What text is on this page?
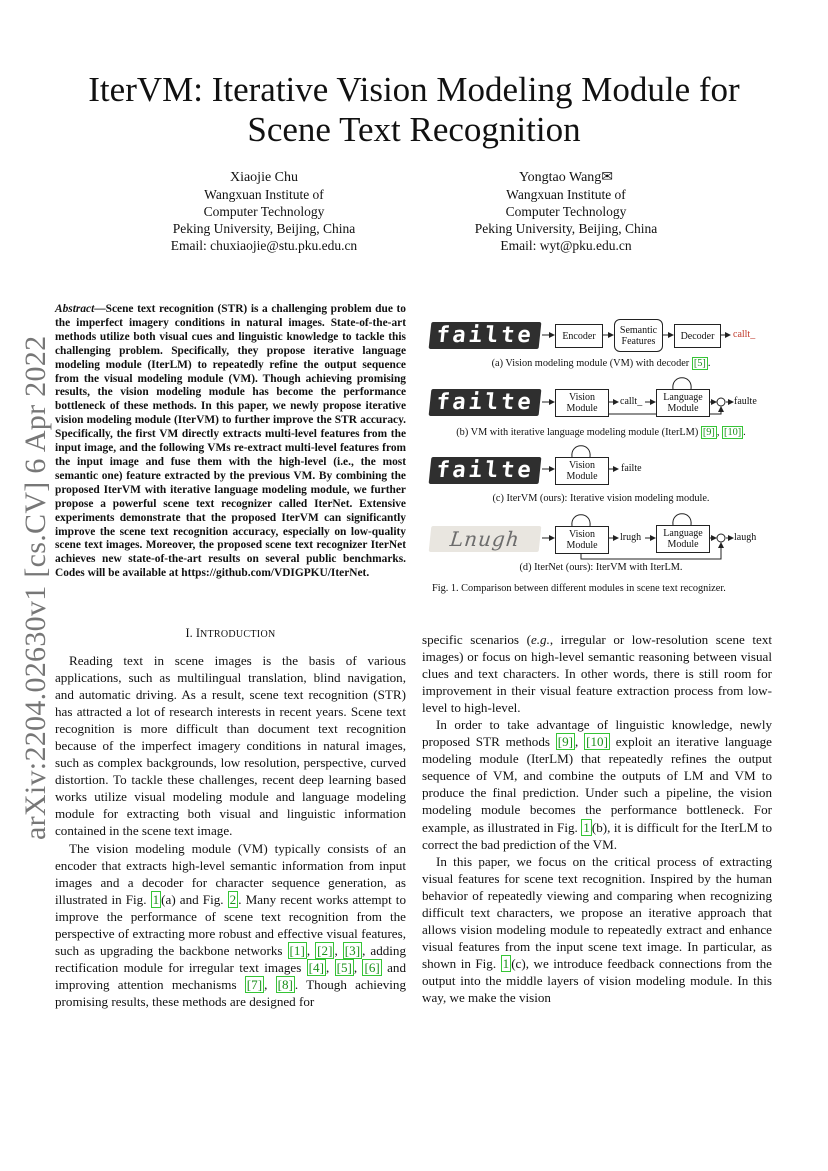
arXiv:2204.02630v1 [cs.CV] 6 Apr 2022
IterVM: Iterative Vision Modeling Module for
Scene Text Recognition
Xiaojie Chu
Wangxuan Institute of
Computer Technology
Peking University, Beijing, China
Email: chuxiaojie@stu.pku.edu.cn
Yongtao Wang✉
Wangxuan Institute of
Computer Technology
Peking University, Beijing, China
Email: wyt@pku.edu.cn
Abstract—Scene text recognition (STR) is a challenging problem due to the imperfect imagery conditions in natural images. State-of-the-art methods utilize both visual cues and linguistic knowledge to tackle this challenging problem. Specifically, they propose iterative language modeling module (IterLM) to repeatedly refine the output sequence from the visual modeling module (VM). Though achieving promising results, the vision modeling module has become the performance bottleneck of these methods. In this paper, we newly propose iterative vision modeling module (IterVM) to further improve the STR accuracy. Specifically, the first VM directly extracts multi-level features from the input image, and the following VMs re-extract multi-level features from the input image and fuse them with the high-level (i.e., the most semantic one) feature extracted by the previous VM. By combining the proposed IterVM with iterative language modeling module, we further propose a powerful scene text recognizer called IterNet. Extensive experiments demonstrate that the proposed IterVM can significantly improve the scene text recognition accuracy, especially on low-quality scene text images. Moreover, the proposed scene text recognizer IterNet achieves new state-of-the-art results on several public benchmarks. Codes will be available at https://github.com/VDIGPKU/IterNet.
I. INTRODUCTION

Reading text in scene images is the basis of various applications, such as multilingual translation, blind navigation, and automatic driving. As a result, scene text recognition (STR) has attracted a lot of research interests in recent years. Scene text recognition is more difficult than document text recognition because of the imperfect imagery conditions in natural images, such as complex backgrounds, low resolution, perspective, curved distortion. To tackle these challenges, recent deep learning based works utilize visual modeling module and language modeling module for extracting both visual and linguistic information contained in the scene text image.

The vision modeling module (VM) typically consists of an encoder that extracts high-level semantic information from input images and a decoder for character sequence generation, as illustrated in Fig. 1 (a) and Fig. 2 . Many recent works attempt to improve the performance of scene text recognition from the perspective of extracting more robust and effective visual features, such as upgrading the backbone networks [1] , [2] , [3] , adding rectification module for irregular text images [4] , [5] , [6] and improving attention mechanisms [7] , [8] . Though achieving promising results, these methods are designed for

specific scenarios (e.g., irregular or low-resolution scene text images) or focus on high-level semantic reasoning between visual clues and text characters. In other words, there is still room for improvement in their visual feature extraction process from low-level to high-level.

In order to take advantage of linguistic knowledge, newly proposed STR methods [9] , [10] exploit an iterative language modeling module (IterLM) that repeatedly refines the output sequence of VM, and combine the outputs of LM and VM to produce the final prediction. Under such a pipeline, the vision modeling module becomes the performance bottleneck. For example, as illustrated in Fig. 1 (b), it is difficult for the IterLM to correct the bad prediction of the VM.

In this paper, we focus on the critical process of extracting visual features for scene text recognition. Inspired by the human behavior of repeatedly viewing and comparing when recognizing difficult text characters, we propose an iterative approach that allows vision modeling module to repeatedly extract and enhance visual features from the input scene text image. In particular, as shown in Fig. 1 (c), we introduce feedback connections from the output into the middle layers of vision modeling module. In this way, we make the vision

failte	Encoder
Semantic
Features	Decoder	callt_
(a) Vision modeling module (VM) with decoder [5] .
failte	Vision
Module
callt_ Language
Module
faulte
(b) VM with iterative language modeling module (IterLM) [9] , [10] .
failte	Vision
Module
failte
(c) IterVM (ours): Iterative vision modeling module.
Lnugh	Vision
Module
lrugh Language
Module
laugh
(d) IterNet (ours): IterVM with IterLM.
Fig. 1. Comparison between different modules in scene text recognizer.
